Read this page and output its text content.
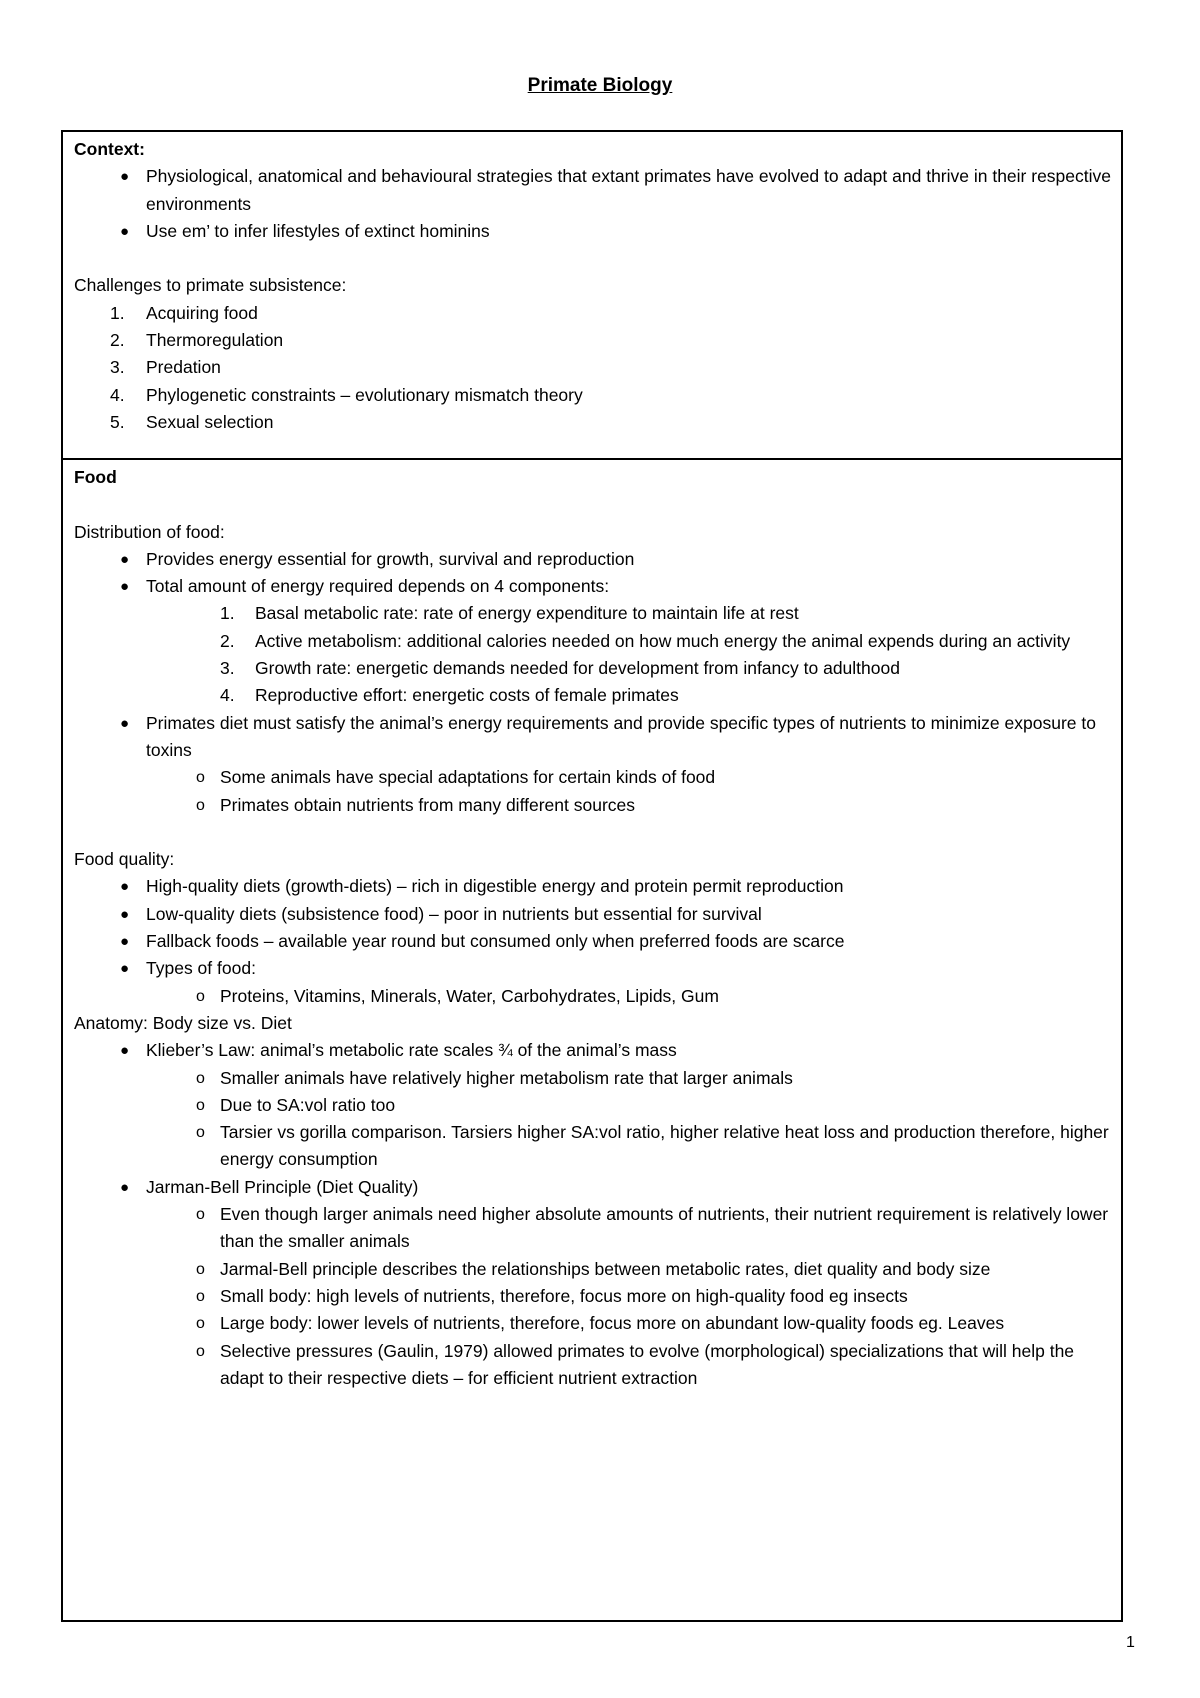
Primate Biology

Context:

● Physiological, anatomical and behavioural strategies that extant primates have evolved to adapt and thrive in their respective environments
● Use em’ to infer lifestyles of extinct hominins

Challenges to primate subsistence:

1.	Acquiring food
2.	Thermoregulation
3.	Predation
4.	Phylogenetic constraints – evolutionary mismatch theory
5.	Sexual selection

Food

Distribution of food:

● Provides energy essential for growth, survival and reproduction
● Total amount of energy required depends on 4 components:
1.	Basal metabolic rate: rate of energy expenditure to maintain life at rest
2.	Active metabolism: additional calories needed on how much energy the animal expends during an activity
3.	Growth rate: energetic demands needed for development from infancy to adulthood
4.	Reproductive effort: energetic costs of female primates
● Primates diet must satisfy the animal’s energy requirements and provide specific types of nutrients to minimize exposure to toxins
o Some animals have special adaptations for certain kinds of food
o Primates obtain nutrients from many different sources

Food quality:

● High-quality diets (growth-diets) – rich in digestible energy and protein permit reproduction
● Low-quality diets (subsistence food) – poor in nutrients but essential for survival
● Fallback foods – available year round but consumed only when preferred foods are scarce
● Types of food:
o Proteins, Vitamins, Minerals, Water, Carbohydrates, Lipids, Gum

Anatomy: Body size vs. Diet

● Klieber’s Law: animal’s metabolic rate scales ¾ of the animal’s mass
o Smaller animals have relatively higher metabolism rate that larger animals
o Due to SA:vol ratio too
o Tarsier vs gorilla comparison. Tarsiers higher SA:vol ratio, higher relative heat loss and production therefore, higher energy consumption
● Jarman-Bell Principle (Diet Quality)
o Even though larger animals need higher absolute amounts of nutrients, their nutrient requirement is relatively lower than the smaller animals
o Jarmal-Bell principle describes the relationships between metabolic rates, diet quality and body size
o Small body: high levels of nutrients, therefore, focus more on high-quality food eg insects
o Large body: lower levels of nutrients, therefore, focus more on abundant low-quality foods eg. Leaves
o Selective pressures (Gaulin, 1979) allowed primates to evolve (morphological) specializations that will help the adapt to their respective diets – for efficient nutrient extraction
1
